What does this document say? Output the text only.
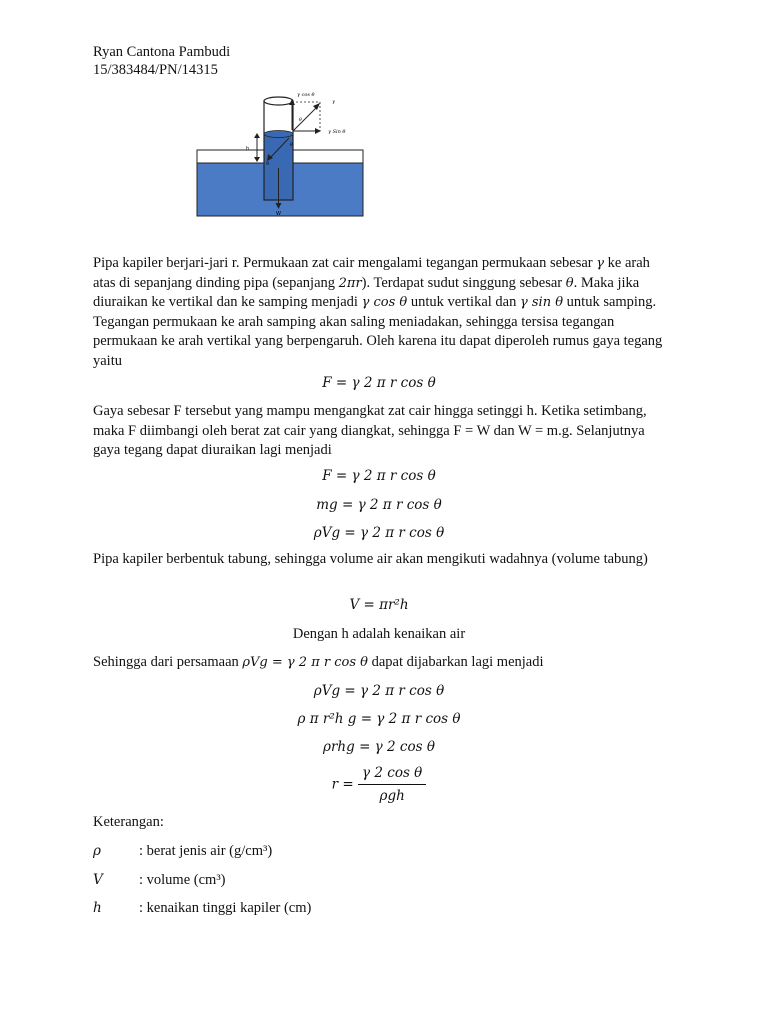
Ryan Cantona Pambudi
15/383484/PN/14315
h
W
γ cos θ
γ
γ Sin θ
θ
θ
g
Pipa kapiler berjari-jari r. Permukaan zat cair mengalami tegangan permukaan sebesar γ ke arah atas di sepanjang dinding pipa (sepanjang 2πr). Terdapat sudut singgung sebesar θ. Maka jika diuraikan ke vertikal dan ke samping menjadi γ cos θ untuk vertikal dan γ sin θ untuk samping. Tegangan permukaan ke arah samping akan saling meniadakan, sehingga tersisa tegangan permukaan ke arah vertikal yang berpengaruh. Oleh karena itu dapat diperoleh rumus gaya tegang yaitu
F = γ 2 π r cos θ
Gaya sebesar F tersebut yang mampu mengangkat zat cair hingga setinggi h. Ketika setimbang, maka F diimbangi oleh berat zat cair yang diangkat, sehingga F = W dan W = m.g. Selanjutnya gaya tegang dapat diuraikan lagi menjadi
F = γ 2 π r cos θ
mg = γ 2 π r cos θ
ρVg = γ 2 π r cos θ
Pipa kapiler berbentuk tabung, sehingga volume air akan mengikuti wadahnya (volume tabung)
V = πr²h
Dengan h adalah kenaikan air
Sehingga dari persamaan ρVg = γ 2 π r cos θ dapat dijabarkan lagi menjadi
ρVg = γ 2 π r cos θ
ρ π r²h g = γ 2 π r cos θ
ρrhg = γ 2 cos θ
$r = \frac{\text{γ 2 cos θ}}{\text{ρgh}}$
Keterangan:
ρ	: berat jenis air (g/cm³)
V	: volume (cm³)
h	: kenaikan tinggi kapiler (cm)
